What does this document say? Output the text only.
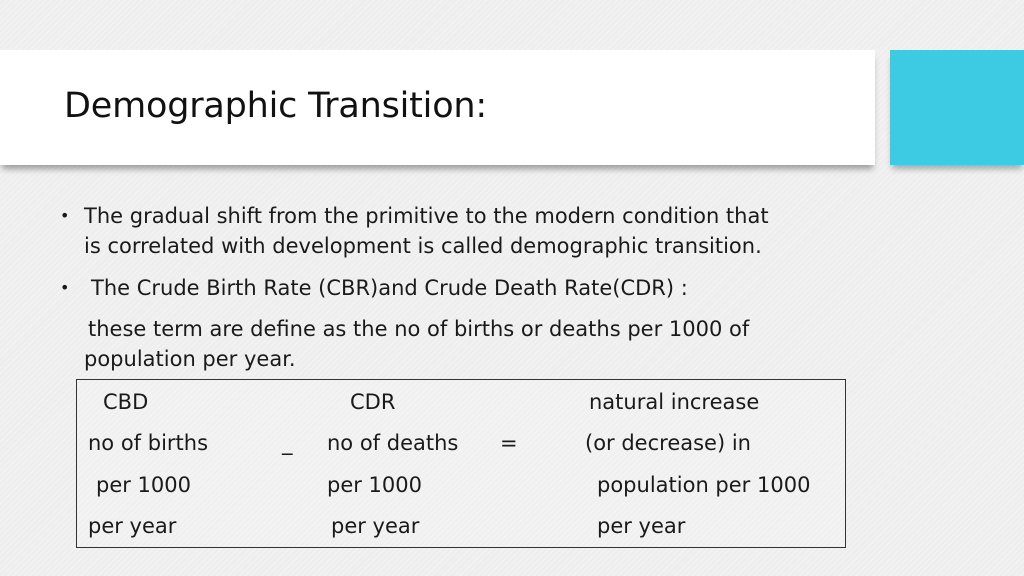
Demographic Transition:
• The gradual shift from the primitive to the modern condition that
is correlated with development is called demographic transition.
• The Crude Birth Rate (CBR)and Crude Death Rate(CDR) :
these term are define as the no of births or deaths per 1000 of
population per year.
CBD
no of births
per 1000
per year
_
CDR
no of deaths
per 1000
per year
=
natural increase
(or decrease) in
population per 1000
per year
